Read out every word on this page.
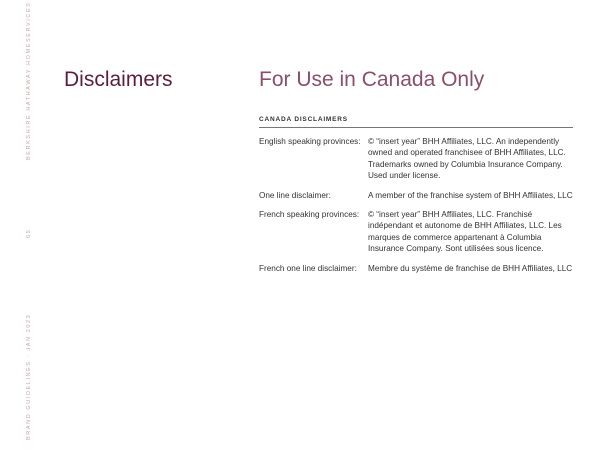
BERKSHIRE HATHAWAY HOMESERVICES
65
BRAND GUIDELINES · JAN 2023
Disclaimers	For Use in Canada Only
CANADA DISCLAIMERS
English speaking provinces: © “insert year” BHH Affiliates, LLC. An independently owned and operated franchisee of BHH Affiliates, LLC. Trademarks owned by Columbia Insurance Company. Used under license.
One line disclaimer:	A member of the franchise system of BHH Affiliates, LLC
French speaking provinces:	© “insert year” BHH Affiliates, LLC. Franchisé indépendant et autonome de BHH Affiliates, LLC. Les marques de commerce appartenant à Columbia Insurance Company. Sont utilisées sous licence.
French one line disclaimer:	Membre du système de franchise de BHH Affiliates, LLC
